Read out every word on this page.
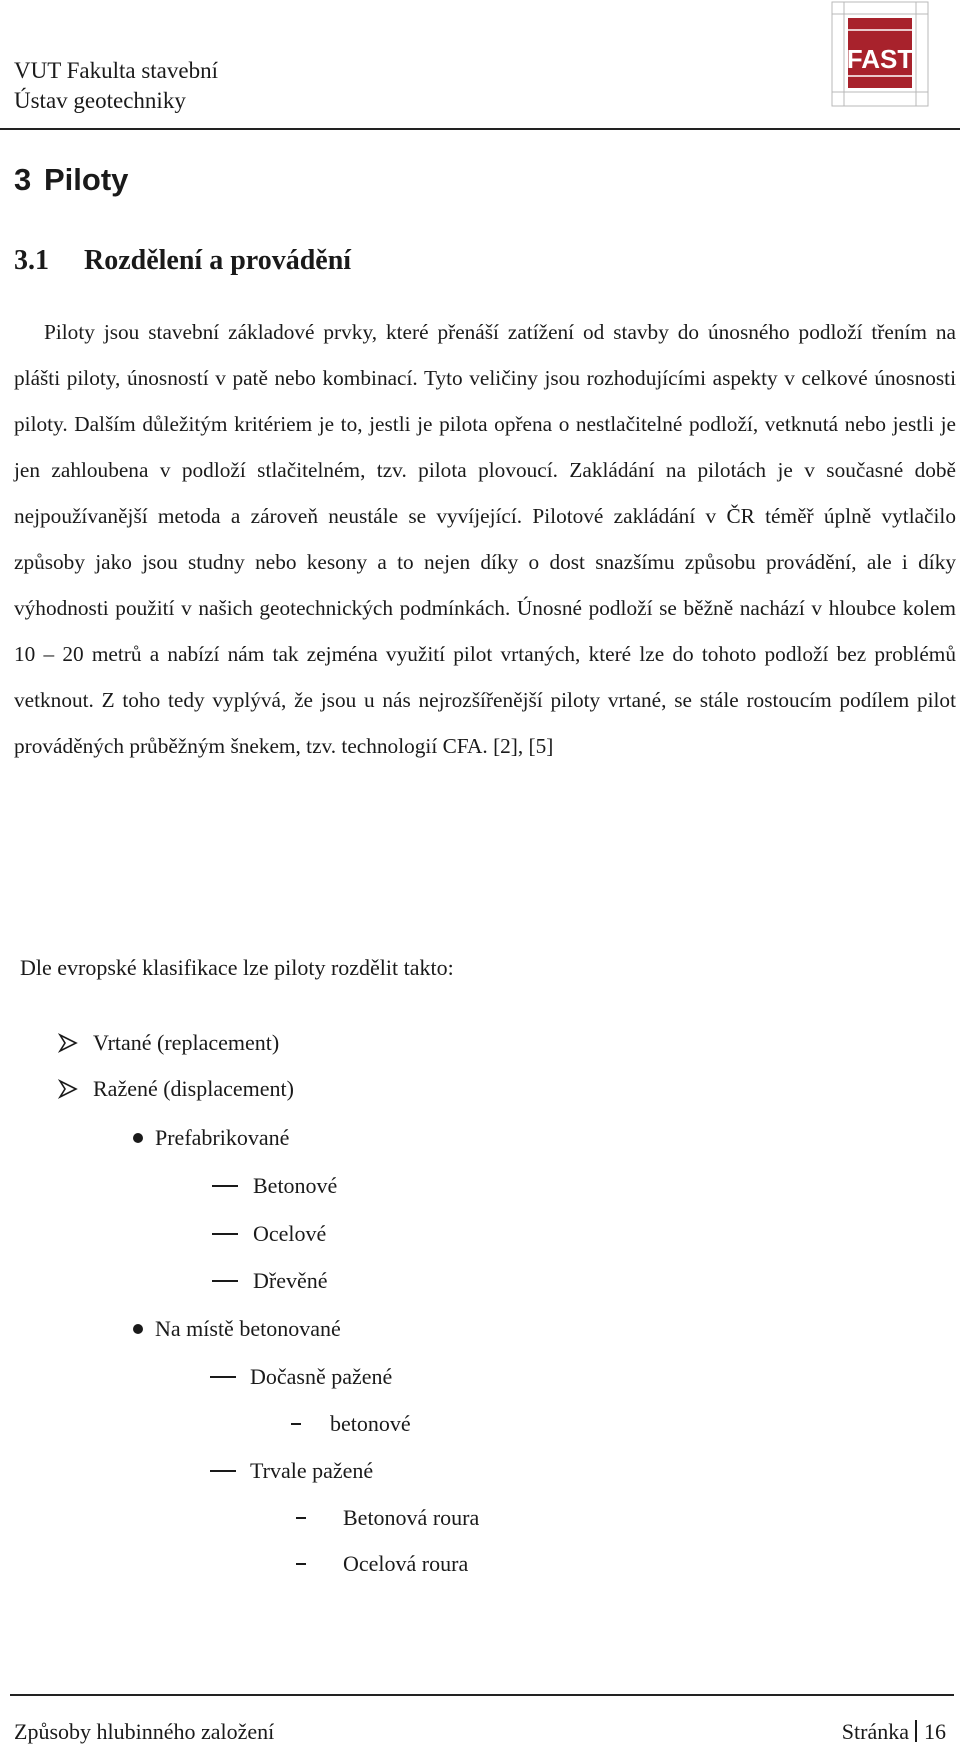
VUT Fakulta stavební
Ústav geotechniky
FAST
3 Piloty
3.1 Rozdělení a provádění

Piloty jsou stavební základové prvky, které přenáší zatížení od stavby do únosného podloží třením na plášti piloty, únosností v patě nebo kombinací. Tyto veličiny jsou rozhodujícími aspekty v celkové únosnosti piloty. Dalším důležitým kritériem je to, jestli je pilota opřena o nestlačitelné podloží, vetknutá nebo jestli je jen zahloubena v podloží stlačitelném, tzv. pilota plovoucí. Zakládání na pilotách je v současné době nejpoužívanější metoda a zároveň neustále se vyvíjející. Pilotové zakládání v ČR téměř úplně vytlačilo způsoby jako jsou studny nebo kesony a to nejen díky o dost snazšímu způsobu provádění, ale i díky výhodnosti použití v našich geotechnických podmínkách. Únosné podloží se běžně nachází v hloubce kolem 10 – 20 metrů a nabízí nám tak zejména využití pilot vrtaných, které lze do tohoto podloží bez problémů vetknout. Z toho tedy vyplývá, že jsou u nás nejrozšířenější piloty vrtané, se stále rostoucím podílem pilot prováděných průběžným šnekem, tzv. technologií CFA. [2], [5]

Dle evropské klasifikace lze piloty rozdělit takto:
Vrtané (replacement)
Ražené (displacement)
Prefabrikované
Betonové
Ocelové
Dřevěné
Na místě betonované
Dočasně pažené
betonové
Trvale pažené
Betonová roura
Ocelová roura
Způsoby hlubinného založení	Stránka 16
